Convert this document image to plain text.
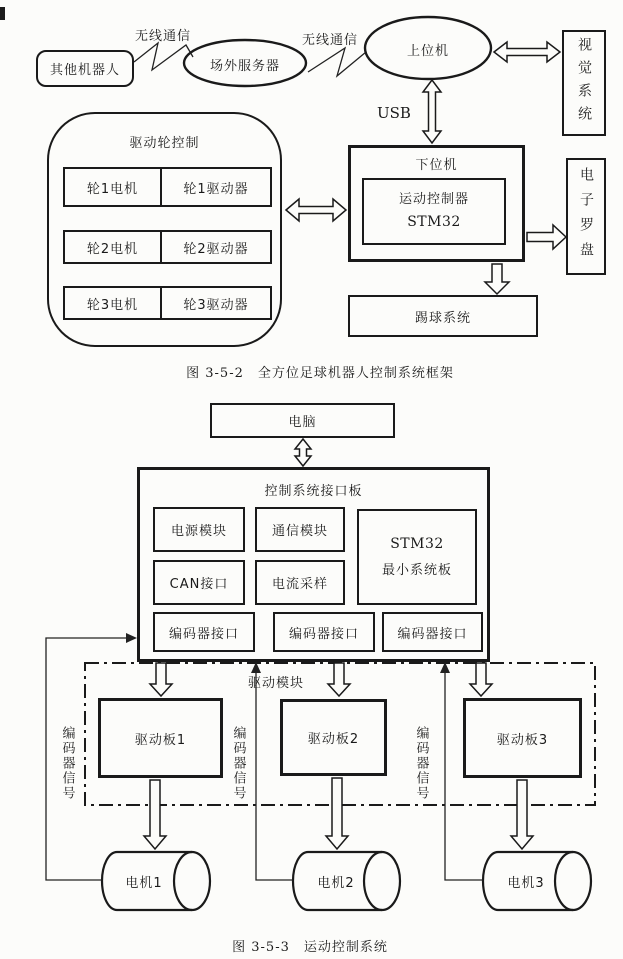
其他机器人
无线通信
场外服务器
无线通信
上位机	视觉系统
USB
下位机
运动控制器
STM32	电子罗盘
踢球系统
驱动轮控制
轮1电机	轮1驱动器
轮2电机	轮2驱动器
轮3电机	轮3驱动器
图 3-5-2　全方位足球机器人控制系统框架
电脑
控制系统接口板
电源模块	通信模块
STM32
最小系统板
CAN接口	电流采样
编码器接口	编码器接口	编码器接口
驱动模块
驱动板1	驱动板2	驱动板3
编码器信号	编码器信号	编码器信号
电机1	电机2	电机3
图 3-5-3　运动控制系统
